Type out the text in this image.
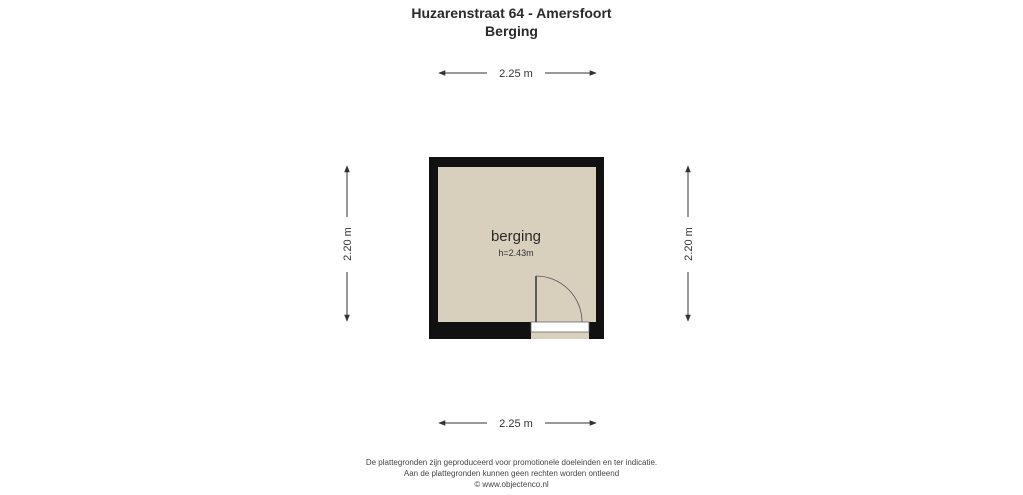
Huzarenstraat 64 - Amersfoort
Berging
2.25 m
2.25 m
2.20 m	2.20 m
berging
h=2.43m
De plattegronden zijn geproduceerd voor promotionele doeleinden en ter indicatie.
Aan de plattegronden kunnen geen rechten worden ontleend
© www.objectenco.nl
